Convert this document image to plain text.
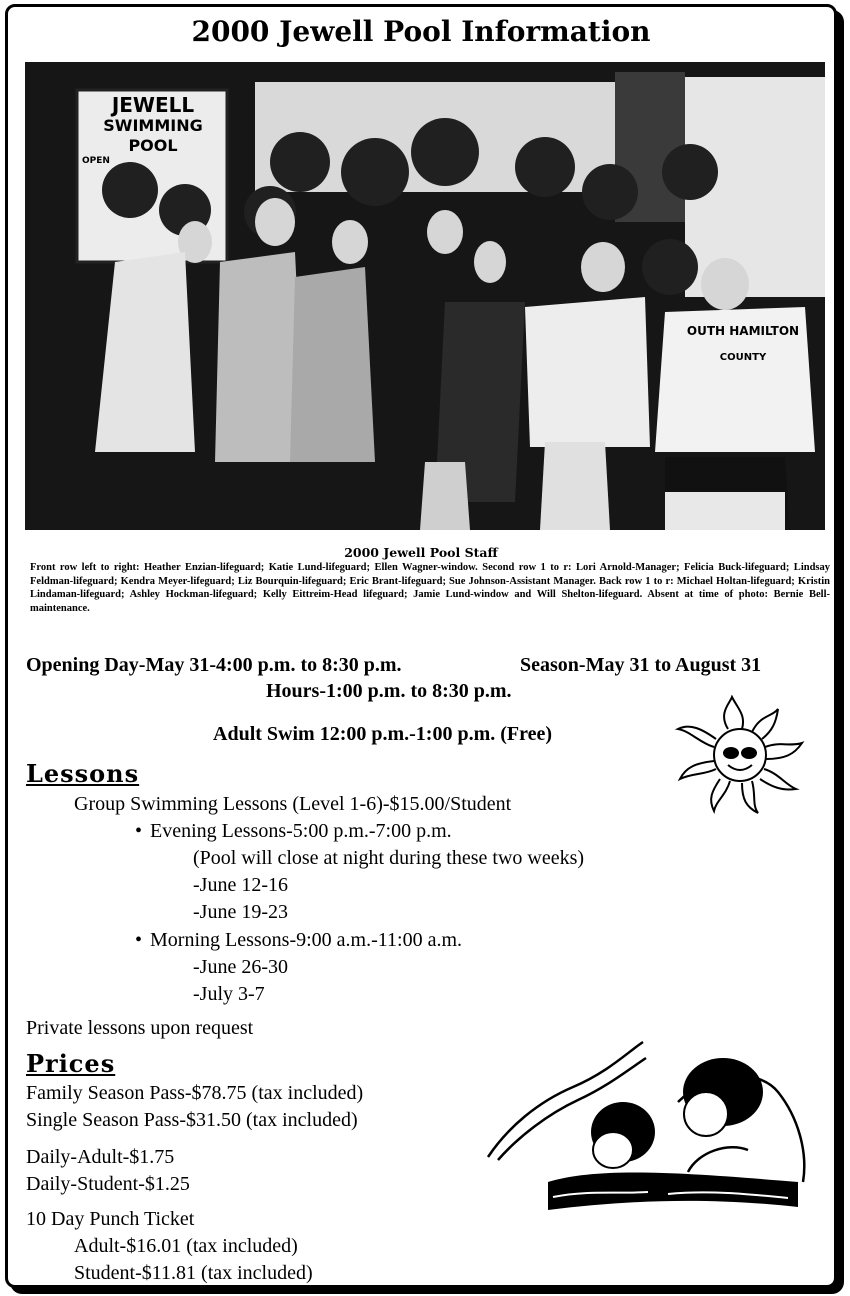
2000 Jewell Pool Information
JEWELL
SWIMMING POOL
OPEN
OUTH HAMILTON
COUNTY
2000 Jewell Pool Staff
Front row left to right: Heather Enzian-lifeguard; Katie Lund-lifeguard; Ellen Wagner-window. Second row 1 to r: Lori Arnold-Manager; Felicia Buck-lifeguard; Lindsay Feldman-lifeguard; Kendra Meyer-lifeguard; Liz Bourquin-lifeguard; Eric Brant-lifeguard; Sue Johnson-Assistant Manager. Back row 1 to r: Michael Holtan-lifeguard; Kristin Lindaman-lifeguard; Ashley Hockman-lifeguard; Kelly Eittreim-Head lifeguard; Jamie Lund-window and Will Shelton-lifeguard. Absent at time of photo: Bernie Bell-maintenance.
Opening Day-May 31-4:00 p.m. to 8:30 p.m.	Season-May 31 to August 31
Hours-1:00 p.m. to 8:30 p.m.
Adult Swim 12:00 p.m.-1:00 p.m. (Free)
Lessons
Group Swimming Lessons (Level 1-6)-$15.00/Student
• Evening Lessons-5:00 p.m.-7:00 p.m.
(Pool will close at night during these two weeks)
-June 12-16
-June 19-23
• Morning Lessons-9:00 a.m.-11:00 a.m.
-June 26-30
-July 3-7
Private lessons upon request
Prices
Family Season Pass-$78.75 (tax included)
Single Season Pass-$31.50 (tax included)
Daily-Adult-$1.75
Daily-Student-$1.25
10 Day Punch Ticket
Adult-$16.01 (tax included)
Student-$11.81 (tax included)
